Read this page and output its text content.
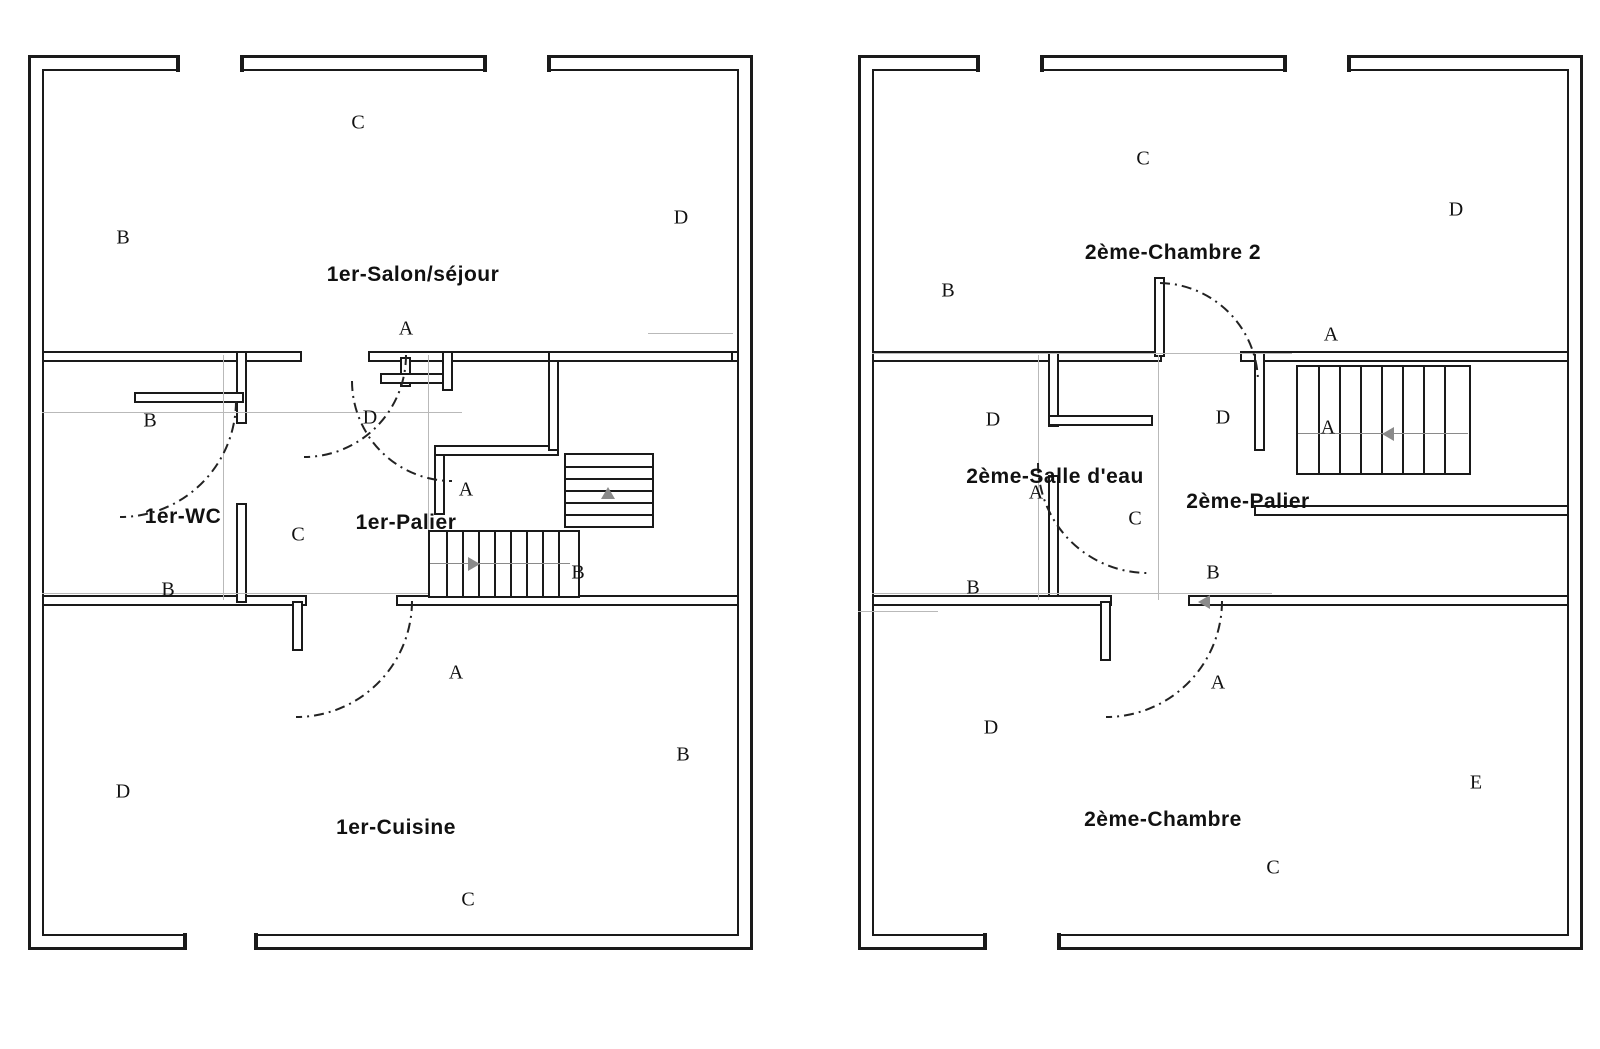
1er-Salon/séjour
1er-WC	1er-Palier
1er-Cuisine
C
B
D
A
B	D
A
C
B
B
A
D
B
C
2ème-Chambre 2
2ème-Salle d'eau
2ème-Palier
2ème-Chambre
C
D
B
A
D	D	A
A
C
B
B
A
D
E
C
